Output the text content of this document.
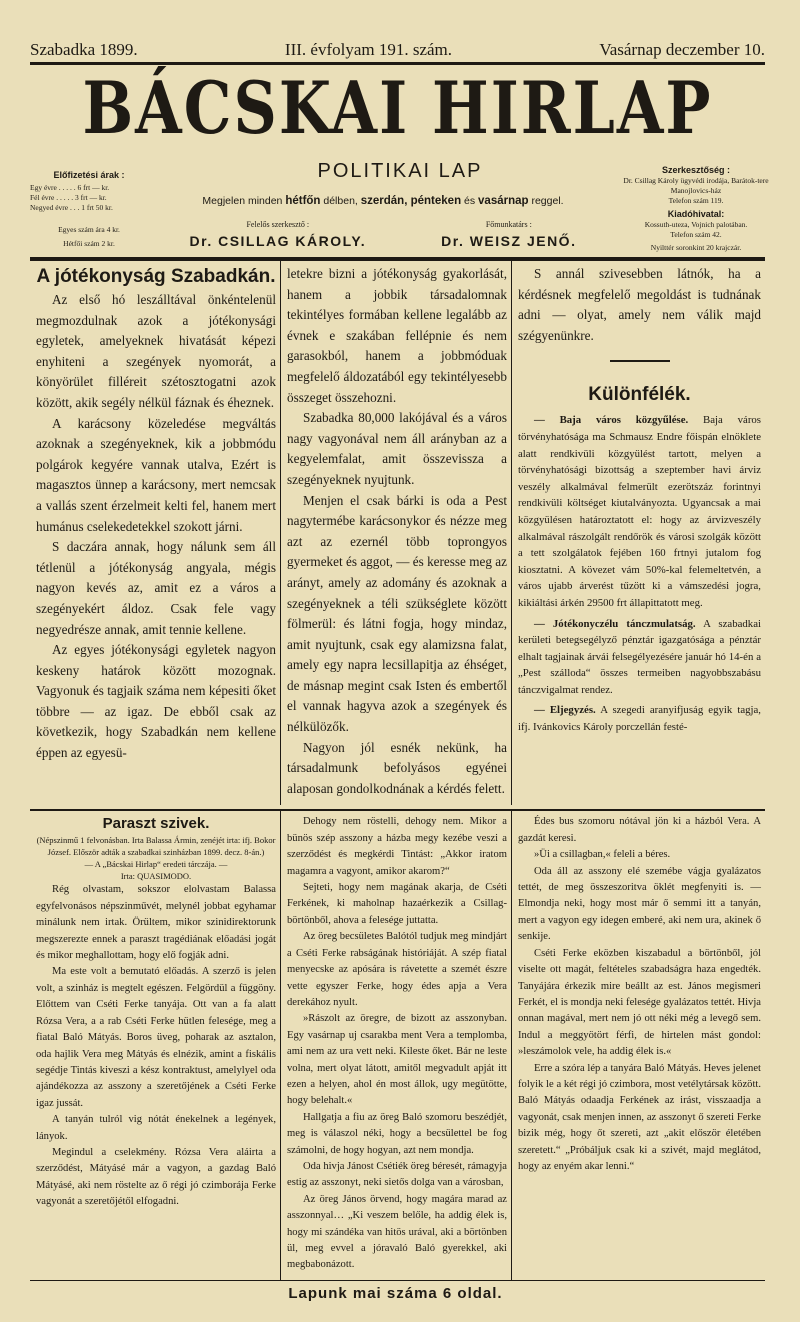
Szabadka 1899.	III. évfolyam 191. szám.	Vasárnap deczember 10.
BÁCSKAI HIRLAP
POLITIKAI LAP
Előfizetési árak :
Egy évre . . . . . 6 frt — kr.
Fél évre . . . . . 3 frt — kr.
Negyed évre . . . 1 frt 50 kr.
Egyes szám ára 4 kr.
Hétfői szám 2 kr.
Megjelen minden hétfőn délben, szerdán, pénteken és vasárnap reggel.
Felelős szerkesztő :
Dr. CSILLAG KÁROLY.
Főmunkatárs :
Dr. WEISZ JENŐ.
Szerkesztőség :
Dr. Csillag Károly ügyvédi irodája, Barátok-tere Manojlovics-ház
Telefon szám 119.
Kiadóhivatal:
Kossuth-uteza, Vojnich palotában.
Telefon szám 42.
Nyilttér soronkint 20 krajczár.
A jótékonyság Szabadkán.

Az első hó leszálltával önkéntelenül megmozdulnak azok a jótékonysági egyletek, amelyeknek hivatását képezi enyhiteni a szegények nyomorát, a könyörület filléreit szétosztogatni azok között, akik segély nélkül fáznak és éheznek.

A karácsony közeledése megváltás azoknak a szegényeknek, kik a jobbmódu polgárok kegyére vannak utalva, Ezért is magasztos ünnep a karácsony, mert nemcsak a vallás szent érzelmeit kelti fel, hanem mert humánus cselekedetekkel szokott járni.

S daczára annak, hogy nálunk sem áll tétlenül a jótékonyság angyala, mégis nagyon kevés az, amit ez a város a szegényekért áldoz. Csak fele vagy negyedrésze annak, amit tennie kellene.

Az egyes jótékonysági egyletek nagyon keskeny határok között mozognak. Vagyonuk és tagjaik száma nem képesiti őket többre — az igaz. De ebből csak az következik, hogy Szabadkán nem kellene éppen az egyesü-

letekre bizni a jótékonyság gyakorlását, hanem a jobbik társadalomnak tekintélyes formában kellene legalább az évnek e szakában fellépnie és nem garasokból, hanem a jobbmóduak megfelelő áldozatából egy tekintélyesebb összeget összehozni.

Szabadka 80,000 lakójával és a város nagy vagyonával nem áll arányban az a kegyelemfalat, amit összevissza a szegényeknek nyujtunk.

Menjen el csak bárki is oda a Pest nagytermébe karácsonykor és nézze meg azt az ezernél több toprongyos gyermeket és aggot, — és keresse meg az arányt, amely az adomány és azoknak a szegényeknek a téli szükséglete között fölmerül: és látni fogja, hogy mindaz, amit nyujtunk, csak egy alamizsna falat, amely egy napra lecsillapitja az éhséget, de másnap megint csak Isten és embertől el vannak hagyva azok a szegények és nélkülözők.

Nagyon jól esnék nekünk, ha társadalmunk befolyásos egyénei alaposan gondolkodnának a kérdés felett.

S annál szivesebben látnók, ha a kérdésnek megfelelő megoldást is tudnának adni — olyat, amely nem válik majd szégyenünkre.

Különfélék.

— Baja város közgyűlése. Baja város törvényhatósága ma Schmausz Endre főispán elnöklete alatt rendkivüli közgyülést tartott, melyen a törvényhatósági bizottság a szeptember havi árviz veszély alkalmával felmerült ezerötszáz forintnyi rendkivüli költséget kiutalványozta. Ugyancsak a mai közgyülésen határoztatott el: hogy az árvizveszély alkalmával rászolgált rendőrök és városi szolgák között a tett szolgálatok fejében 160 frtnyi jutalom fog kiosztatni. A kövezet vám 50%-kal felemeltetvén, a város ujabb árverést tűzött ki a vámszedési jogra, kikiáltási árkén 29500 frt állapittatott meg.

— Jótékonyczélu tánczmulatság. A szabadkai kerületi betegsegélyző pénztár igazgatósága a pénztár elhalt tagjainak árvái felsegélyezésére január hó 14-én a „Pest szálloda“ összes termeiben nagyobbszabásu tánczvigalmat rendez.

— Eljegyzés. A szegedi aranyifjuság egyik tagja, ifj. Ivánkovics Károly porczellán festé-

Paraszt szivek.

(Népszinmű 1 felvonásban. Irta Balassa Ármin, zenéjét irta: ifj. Bokor József. Először adták a szabadkai szinházban 1899. decz. 8-án.)

— A „Bácskai Hirlap“ eredeti tárczája. —

Irta: QUASIMODO.

Rég olvastam, sokszor elolvastam Balassa egyfelvonásos népszinművét, melynél jobbat egyhamar minálunk nem irtak. Örültem, mikor szinidirektorunk megszerezte ennek a paraszt tragédiának előadási jogát és mikor meghallottam, hogy elő fogják adni.

Ma este volt a bemutató előadás. A szerző is jelen volt, a szinház is megtelt egészen. Felgördül a függöny. Előttem van Cséti Ferke tanyája. Ott van a fa alatt Rózsa Vera, a a rab Cséti Ferke hütlen felesége, meg a fiatal Baló Mátyás. Boros üveg, poharak az asztalon, oda hajlik Vera meg Mátyás és elnézik, amint a fiskális segédje Tintás kiveszi a kész kontraktust, amelylyel oda ajándékozza az asszony a szeretőjének a Cséti Ferke igaz jussát.

A tanyán tulról vig nótát énekelnek a legények, lányok.

Megindul a cselekmény. Rózsa Vera aláirta a szerződést, Mátyásé már a vagyon, a gazdag Baló Mátyásé, aki nem röstelte az ő régi jó czimborája Ferke vagyonát a szeretőjétől elfogadni.

Dehogy nem röstelli, dehogy nem. Mikor a bünös szép asszony a házba megy kezébe veszi a szerződést és megkérdi Tintást: „Akkor iratom magamra a vagyont, amikor akarom?“

Sejteti, hogy nem magának akarja, de Cséti Ferkének, ki maholnap hazaérkezik a Csillag-börtönből, ahova a felesége juttatta.

Az öreg becsületes Balótól tudjuk meg mindjárt a Cséti Ferke rabságának históriáját. A szép fiatal menyecske az apósára is rávetette a szemét észre vette egyszer Ferke, hogy édes apja a Vera derekához nyult.

»Rászolt az öregre, de bizott az asszonyban. Egy vasárnap uj csarakba ment Vera a templomba, ami nem az ura vett neki. Kileste őket. Bár ne leste volna, mert olyat látott, amitől megvadult apját itt ezen a helyen, ahol én most állok, ugy megütötte, hogy belehalt.«

Hallgatja a fiu az öreg Baló szomoru beszédjét, meg is válaszol néki, hogy a becsülettel be fog számolni, de hogy hogyan, azt nem mondja.

Oda hivja Jánost Csétiék öreg béresét, rámagyja estig az asszonyt, neki sietős dolga van a városban,

Az öreg János örvend, hogy magára marad az asszonnyal… „Ki veszem belőle, ha addig élek is, hogy mi szándéka van hitös urával, aki a börtönben ül, meg evvel a jóravaló Baló gyerekkel, aki megbabonázott.

Édes bus szomoru nótával jön ki a házból Vera. A gazdát keresi.

»Üi a csillagban,« feleli a béres.

Oda áll az asszony elé szemébe vágja gyalázatos tettét, de meg összeszoritva öklét megfenyiti is. — Elmondja neki, hogy most már ő semmi itt a tanyán, mert a vagyon egy idegen emberé, aki nem ura, akinek ő senkije.

Cséti Ferke eközben kiszabadul a börtönből, jól viselte ott magát, feltételes szabadságra haza engedték. Tanyájára érkezik mire beállt az est. János megismeri Ferkét, el is mondja neki felesége gyalázatos tettét. Hivja onnan magával, mert nem jó ott néki még a levegő sem. Indul a meggyötört férfi, de hirtelen mást gondol: »leszámolok vele, ha addig élek is.«

Erre a szóra lép a tanyára Baló Mátyás. Heves jelenet folyik le a két régi jó czimbora, most vetélytársak között. Baló Mátyás odaadja Ferkének az irást, visszaadja a vagyonát, csak menjen innen, az asszonyt ő szereti Ferke bizik még, hogy őt szereti, azt „akit először életében szeretett.“ „Próbáljuk csak ki a szivét, majd meglátod, hogy az enyém akar lenni.“

Lapunk mai száma 6 oldal.
